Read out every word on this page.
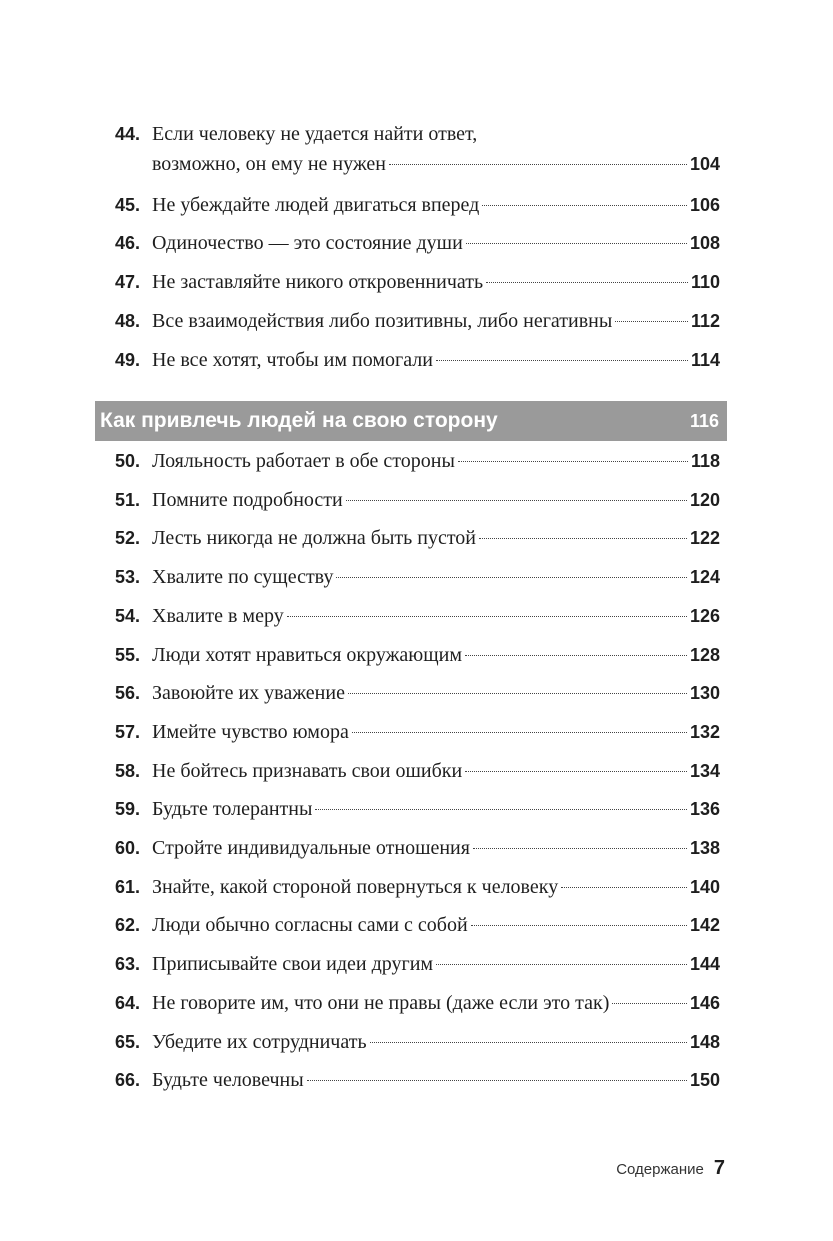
44. Если человеку не удается найти ответ,
возможно, он ему не нужен	104
45. Не убеждайте людей двигаться вперед	106
46. Одиночество — это состояние души	108
47. Не заставляйте никого откровенничать	110
48. Все взаимодействия либо позитивны, либо негативны	112
49. Не все хотят, чтобы им помогали	114
Как привлечь людей на свою сторону	116
50. Лояльность работает в обе стороны	118
51. Помните подробности	120
52. Лесть никогда не должна быть пустой	122
53. Хвалите по существу	124
54. Хвалите в меру	126
55. Люди хотят нравиться окружающим	128
56. Завоюйте их уважение	130
57. Имейте чувство юмора	132
58. Не бойтесь признавать свои ошибки	134
59. Будьте толерантны	136
60. Стройте индивидуальные отношения	138
61. Знайте, какой стороной повернуться к человеку	140
62. Люди обычно согласны сами с собой	142
63. Приписывайте свои идеи другим	144
64. Не говорите им, что они не правы (даже если это так)	146
65. Убедите их сотрудничать	148
66. Будьте человечны	150
Содержание 7
